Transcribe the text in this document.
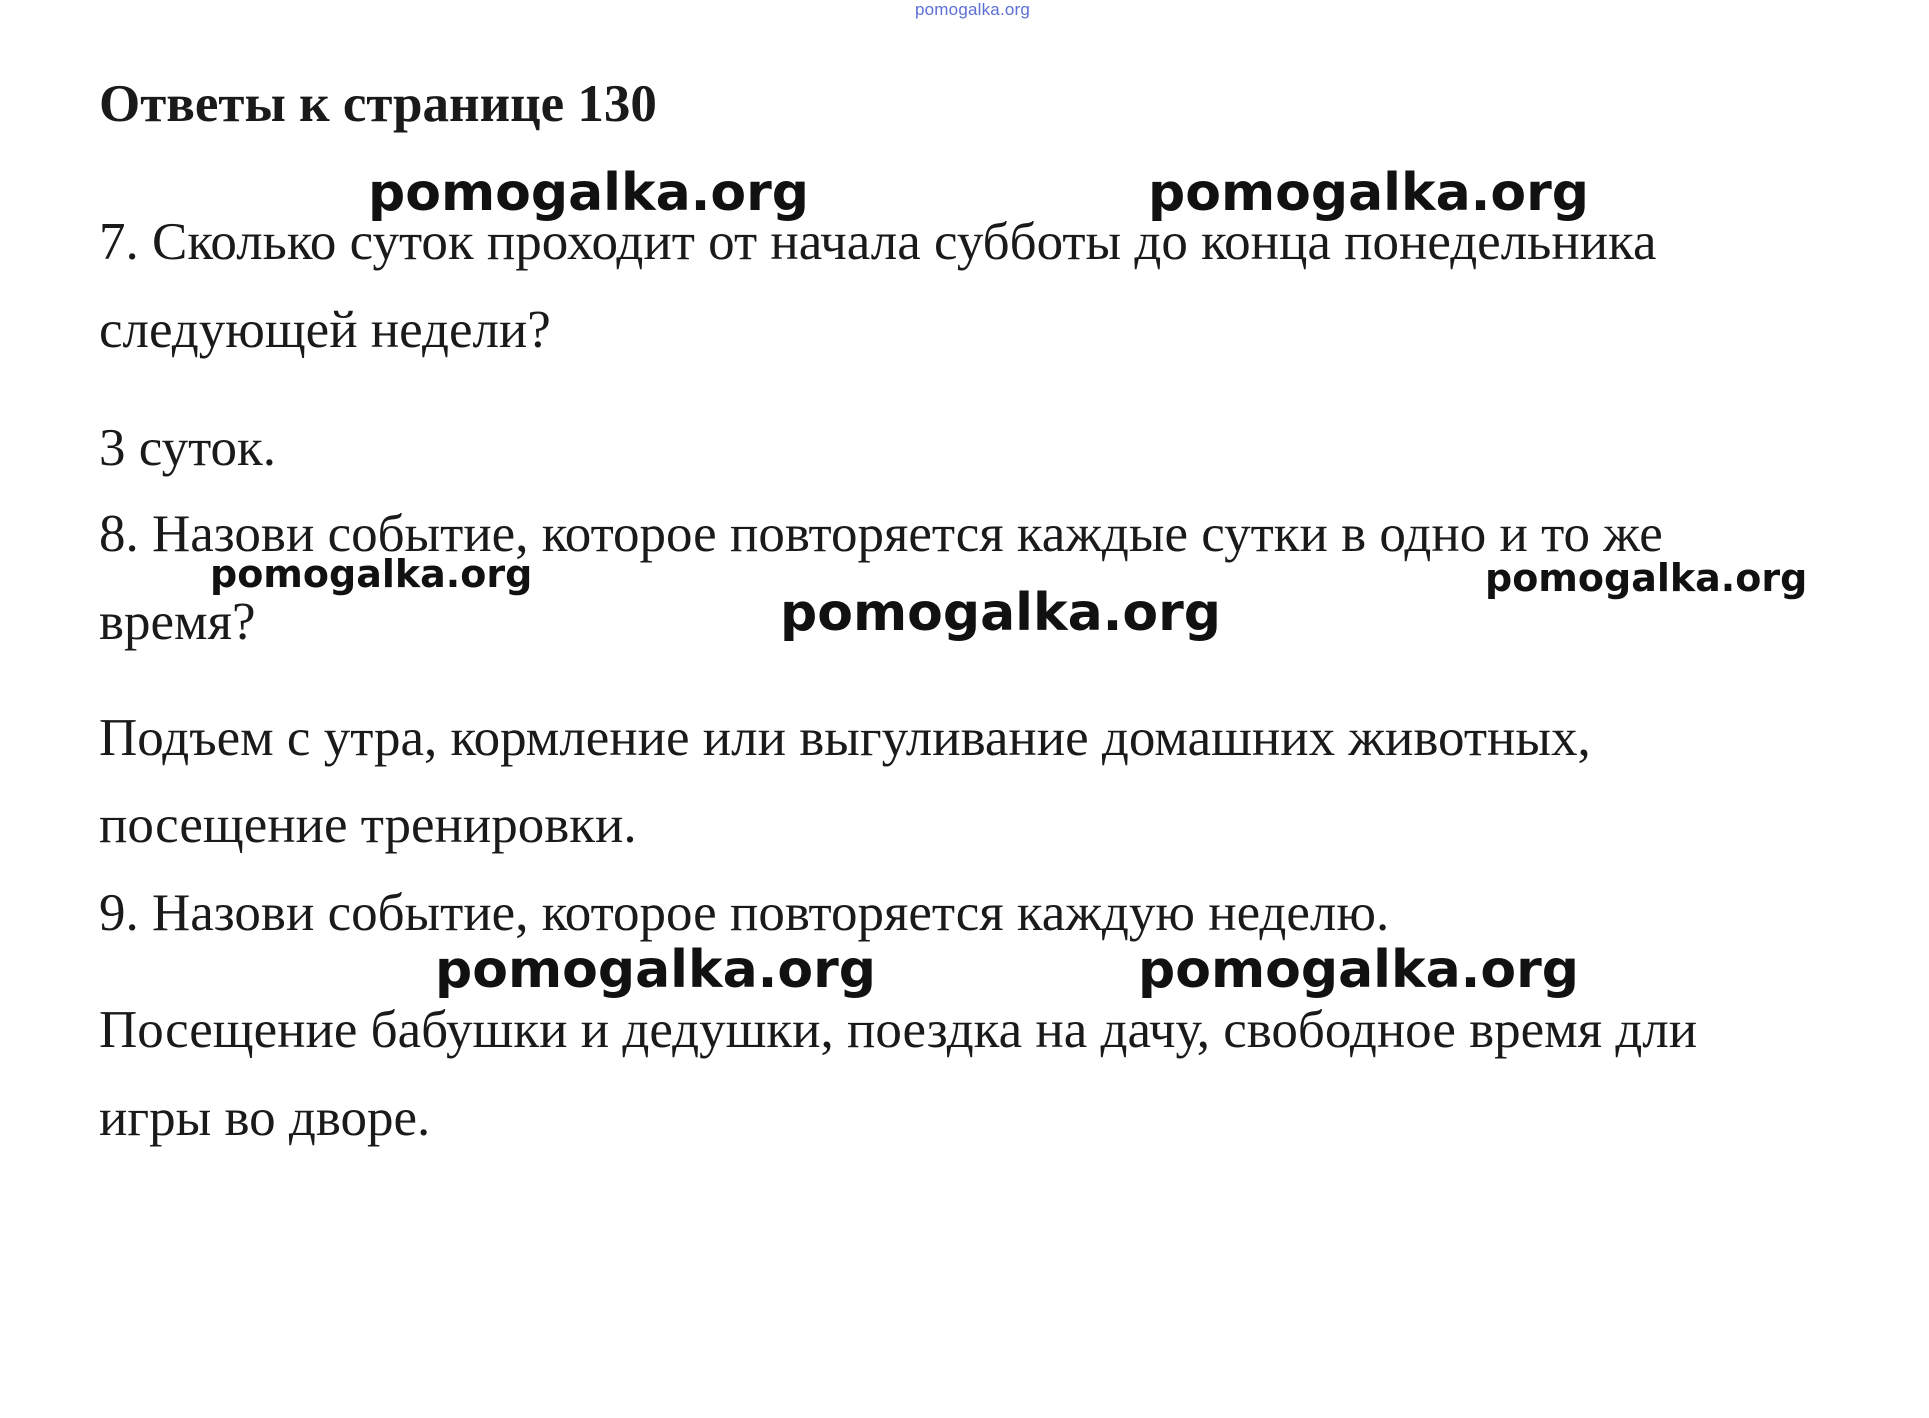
pomogalka.org
Ответы к странице 130

7. Сколько суток проходит от начала субботы до конца понедельника

следующей недели?

3 суток.

8. Назови событие, которое повторяется каждые сутки в одно и то же

время?

Подъем с утра, кормление или выгуливание домашних животных,

посещение тренировки.

9. Назови событие, которое повторяется каждую неделю.

Посещение бабушки и дедушки, поездка на дачу, свободное время дли

игры во дворе.

pomogalka.org	pomogalka.org
pomogalka.org	pomogalka.org
pomogalka.org
pomogalka.org	pomogalka.org
